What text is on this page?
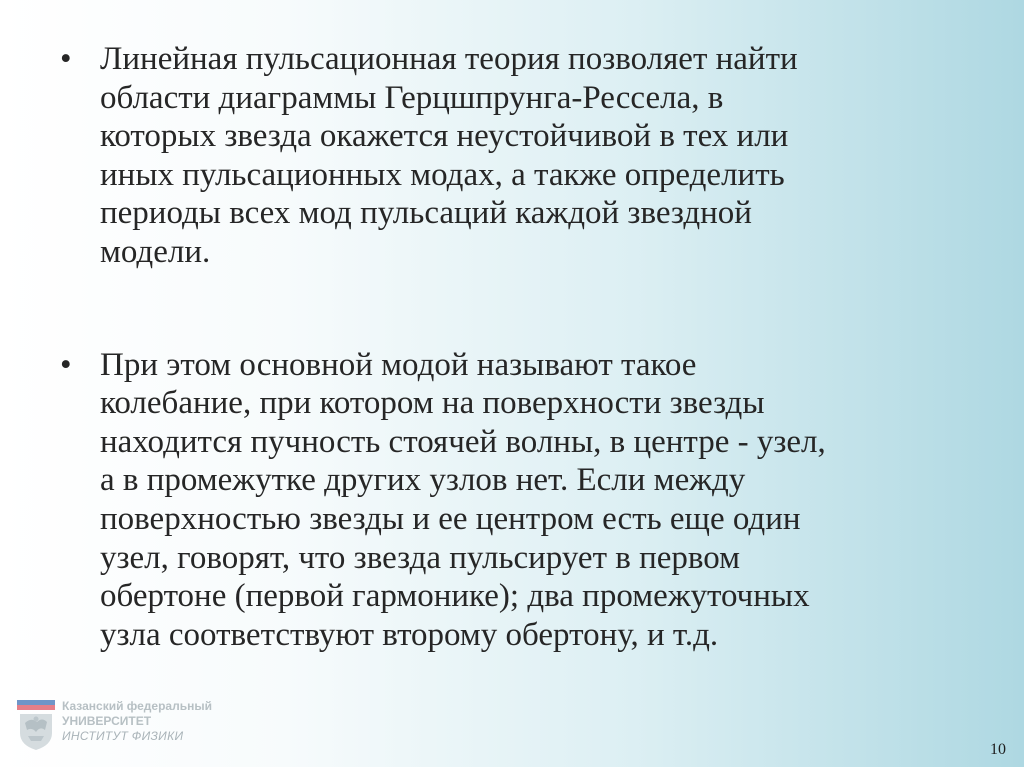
• Линейная пульсационная теория позволяет найти
области диаграммы Герцшпрунга-Рессела, в
которых звезда окажется неустойчивой в тех или
иных пульсационных модах, а также определить
периоды всех мод пульсаций каждой звездной
модели.
• При этом основной модой называют такое
колебание, при котором на поверхности звезды
находится пучность стоячей волны, в центре - узел,
а в промежутке других узлов нет. Если между
поверхностью звезды и ее центром есть еще один
узел, говорят, что звезда пульсирует в первом
обертоне (первой гармонике); два промежуточных
узла соответствуют второму обертону, и т.д.
Казанский федеральный
УНИВЕРСИТЕТ
ИНСТИТУТ ФИЗИКИ
10
